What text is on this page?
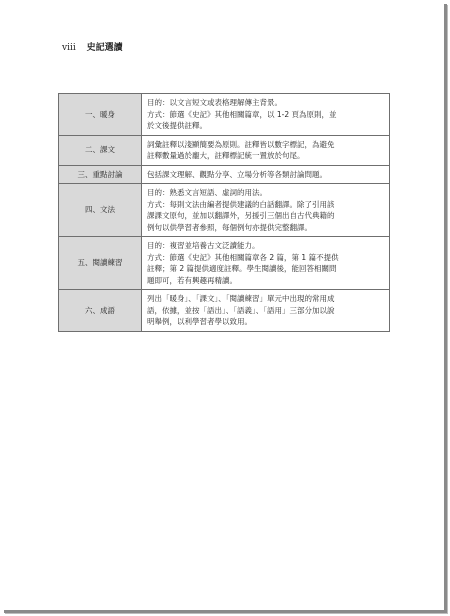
viii 史記選讀
一、暖身	目的：以文言短文或表格理解傳主背景。
方式：節選《史記》其他相關篇章，以 1-2 頁為原則，並
於文後提供註釋。

二、課文	詞彙註釋以淺顯簡要為原則。註釋皆以數字標記，為避免
註釋數量過於龐大，註釋標記統一置放於句尾。

三、重點討論	包括課文理解、觀點分享、立場分析等各類討論問題。

四、文法	目的：熟悉文言短語、虛詞的用法。
方式：每則文法由編者提供建議的白話翻譯。除了引用該
課課文原句，並加以翻譯外，另援引三個出自古代典籍的
例句以供學習者參照，每個例句亦提供完整翻譯。

五、閱讀練習	目的：複習並培養古文泛讀能力。
方式：節選《史記》其他相關篇章各 2 篇，第 1 篇不提供
註釋；第 2 篇提供適度註釋。學生閱讀後，能回答相關問
題即可，若有興趣再精讀。

六、成語	列出「暖身」、「課文」、「閱讀練習」單元中出現的常用成
語，依據，並按「語出」、「語義」、「語用」三部分加以說
明舉例，以利學習者學以致用。
